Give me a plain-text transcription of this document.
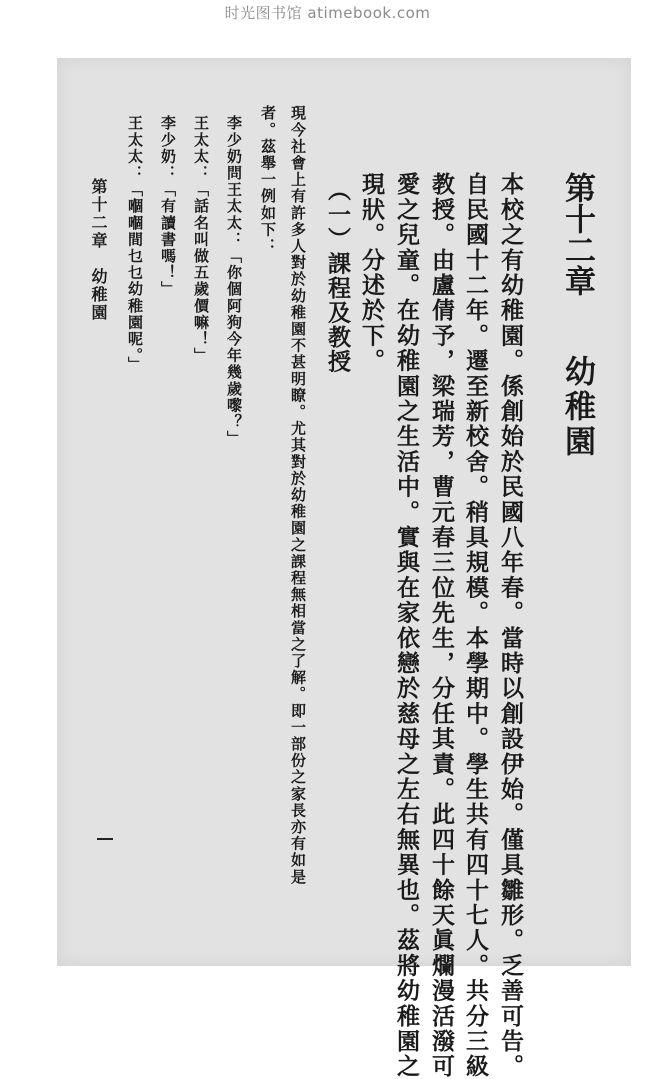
时光图书馆 atimebook.com
第十二章
幼稚園
本校之有幼稚園。係創始於民國八年春。當時以創設伊始。僅具雛形。乏善可告。
自民國十二年。遷至新校舍。稍具規模。本學期中。學生共有四十七人。共分三級
教授。由盧倩予，梁瑞芳，曹元春三位先生，分任其責。此四十餘天眞爛漫活潑可
愛之兒童。在幼稚園之生活中。實與在家依戀於慈母之左右無異也。茲將幼稚園之
現狀。分述於下。
（一）課程及教授
現今社會上有許多人對於幼稚園不甚明瞭。尤其對於幼稚園之課程無相當之了解。即一部份之家長亦有如是
者。茲舉一例如下：
李少奶問王太太：「你個阿狗今年幾歲嚟？」
王太太：「話名叫做五歲價嘛！」
李少奶：「有讀書嗎！」
王太太：「嗰嗰間乜乜幼稚園呢。」
第十二章　幼稚園
